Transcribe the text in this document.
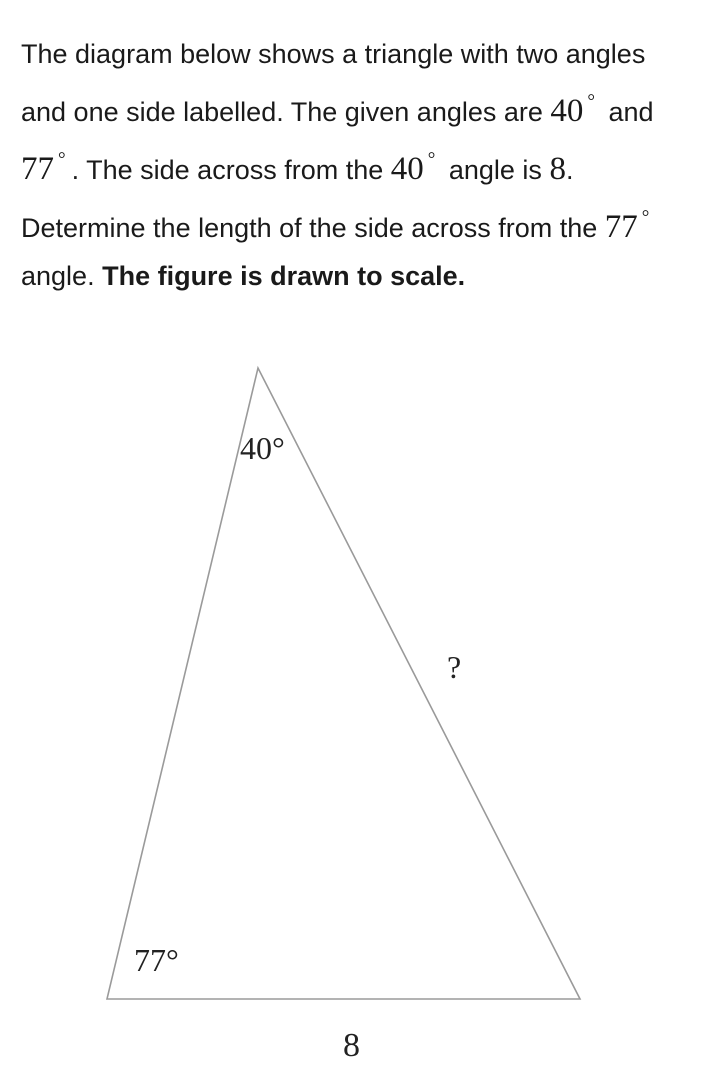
The diagram below shows a triangle with two angles and one side labelled. The given angles are 40 ° and 77 ° . The side across from the 40 ° angle is 8. Determine the length of the side across from the 77 ° angle. The figure is drawn to scale.

40°
77°
?
8
